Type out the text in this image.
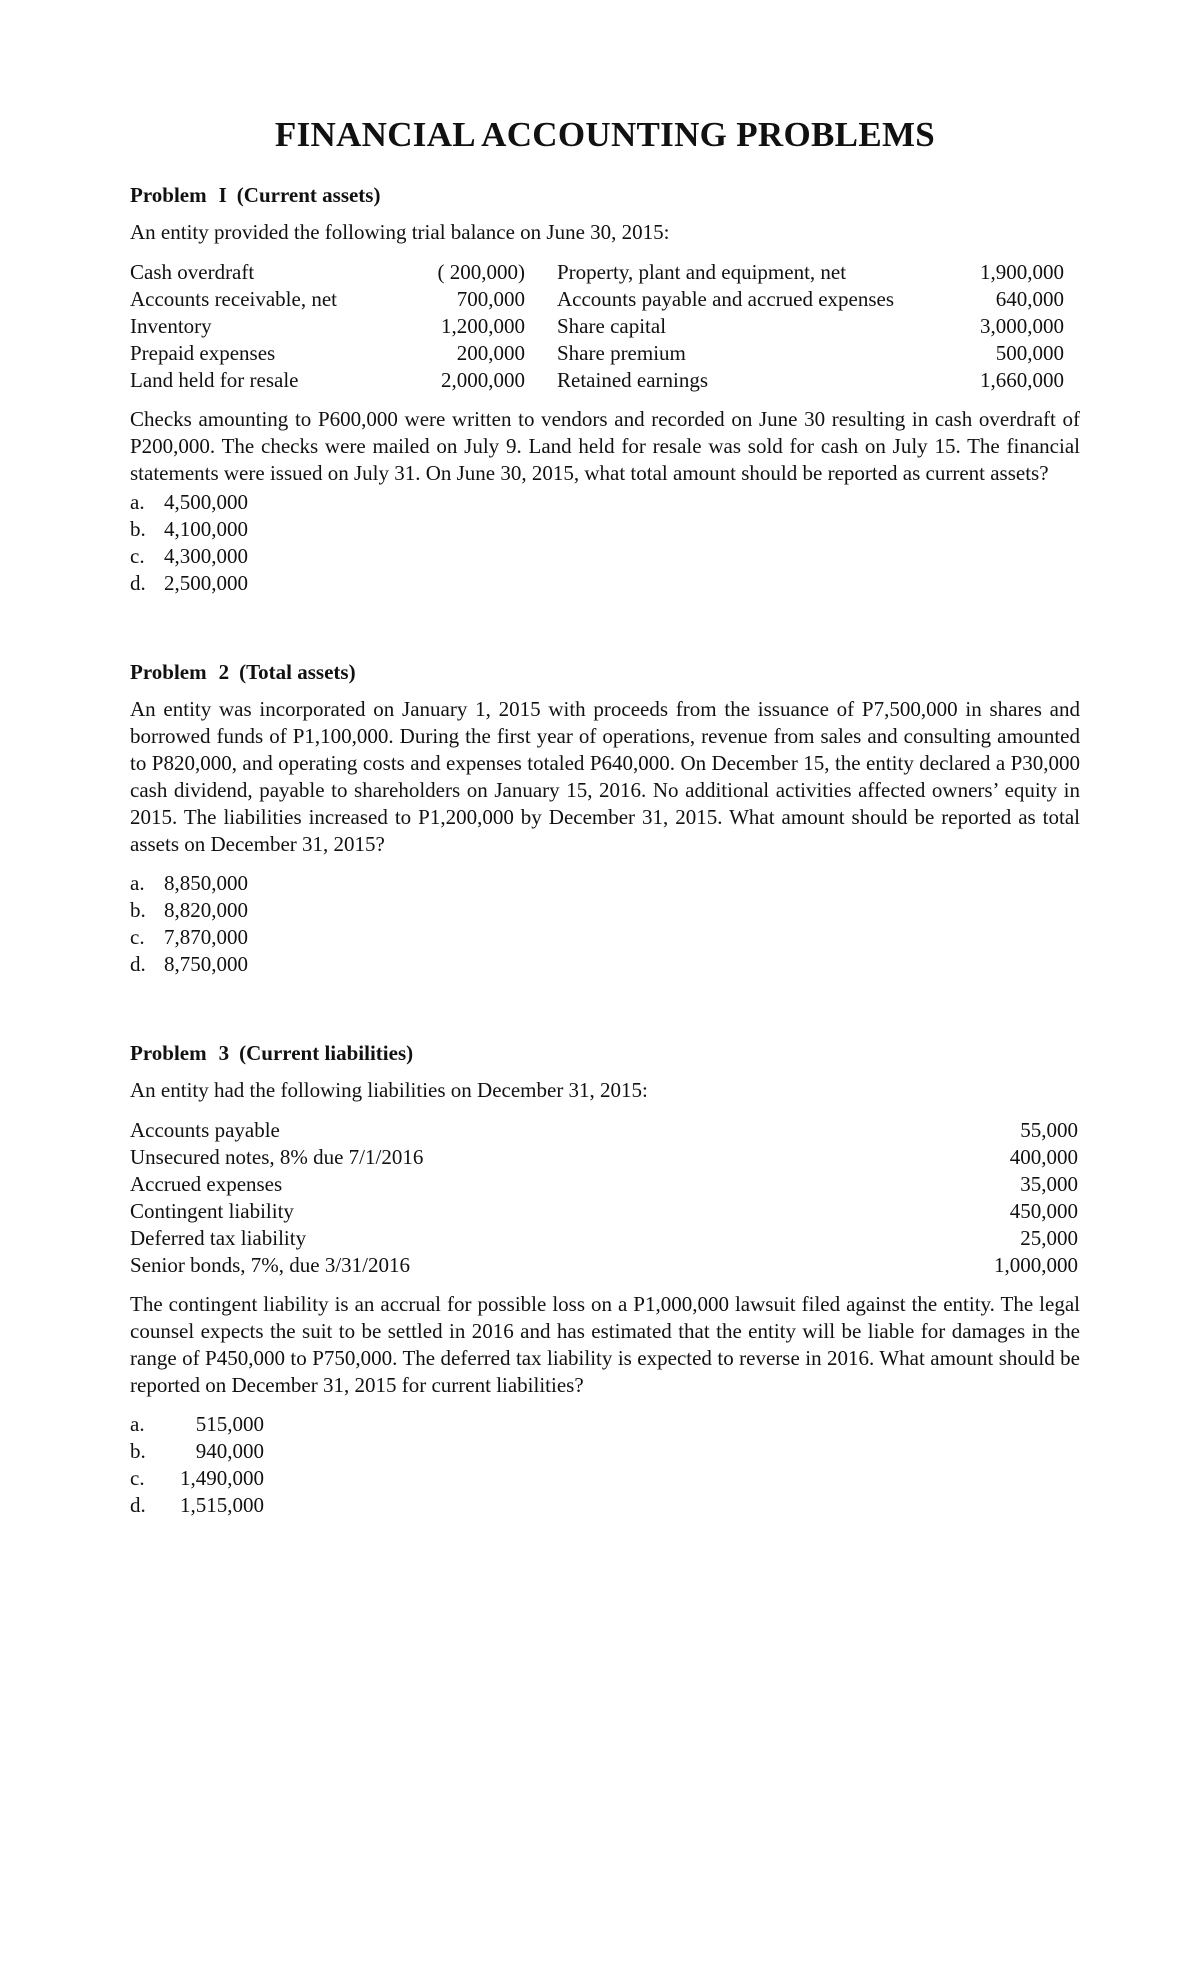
FINANCIAL ACCOUNTING PROBLEMS
Problem I (Current assets)

An entity provided the following trial balance on June 30, 2015:

Cash overdraft	( 200,000)	Property, plant and equipment, net	1,900,000
Accounts receivable, net	700,000	Accounts payable and accrued expenses	640,000
Inventory	1,200,000	Share capital	3,000,000
Prepaid expenses	200,000	Share premium	500,000
Land held for resale	2,000,000	Retained earnings	1,660,000

Checks amounting to P600,000 were written to vendors and recorded on June 30 resulting in cash overdraft of P200,000. The checks were mailed on July 9. Land held for resale was sold for cash on July 15. The financial statements were issued on July 31. On June 30, 2015, what total amount should be reported as current assets?

a. 4,500,000
b. 4,100,000
c. 4,300,000
d. 2,500,000
Problem 2 (Total assets)

An entity was incorporated on January 1, 2015 with proceeds from the issuance of P7,500,000 in shares and borrowed funds of P1,100,000. During the first year of operations, revenue from sales and consulting amounted to P820,000, and operating costs and expenses totaled P640,000. On December 15, the entity declared a P30,000 cash dividend, payable to shareholders on January 15, 2016. No additional activities affected owners’ equity in 2015. The liabilities increased to P1,200,000 by December 31, 2015. What amount should be reported as total assets on December 31, 2015?

a. 8,850,000
b. 8,820,000
c. 7,870,000
d. 8,750,000
Problem 3 (Current liabilities)

An entity had the following liabilities on December 31, 2015:

Accounts payable	55,000
Unsecured notes, 8% due 7/1/2016	400,000
Accrued expenses	35,000
Contingent liability	450,000
Deferred tax liability	25,000
Senior bonds, 7%, due 3/31/2016	1,000,000

The contingent liability is an accrual for possible loss on a P1,000,000 lawsuit filed against the entity. The legal counsel expects the suit to be settled in 2016 and has estimated that the entity will be liable for damages in the range of P450,000 to P750,000. The deferred tax liability is expected to reverse in 2016. What amount should be reported on December 31, 2015 for current liabilities?

a.	515,000
b.	940,000
c.	1,490,000
d.	1,515,000
